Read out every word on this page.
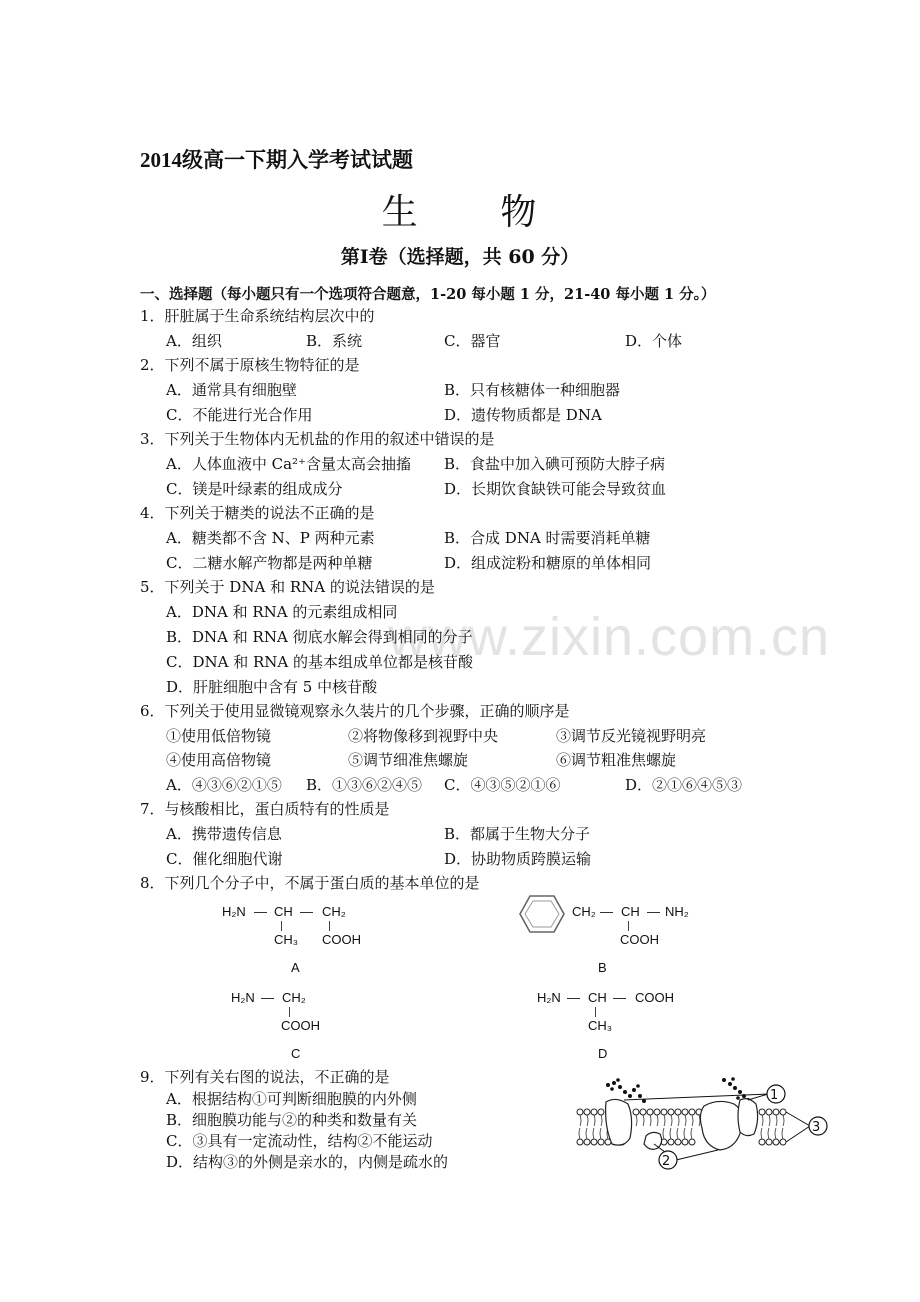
2014级高一下期入学考试试题
生      物
第Ⅰ卷（选择题，共 60 分）
一、选择题（每小题只有一个选项符合题意，1-20 每小题 1 分，21-40 每小题 1 分。）
www.zixin.com.cn
1．肝脏属于生命系统结构层次中的
A．组织	B．系统	C．器官	D．个体
2．下列不属于原核生物特征的是
A．通常具有细胞壁	B．只有核糖体一种细胞器
C．不能进行光合作用	D．遗传物质都是 DNA
3．下列关于生物体内无机盐的作用的叙述中错误的是
A．人体血液中 Ca²⁺含量太高会抽搐 B．食盐中加入碘可预防大脖子病
C．镁是叶绿素的组成成分	D．长期饮食缺铁可能会导致贫血
4．下列关于糖类的说法不正确的是
A．糖类都不含 N、P 两种元素	B．合成 DNA 时需要消耗单糖
C．二糖水解产物都是两种单糖	D．组成淀粉和糖原的单体相同
5．下列关于 DNA 和 RNA 的说法错误的是
A．DNA 和 RNA 的元素组成相同
B．DNA 和 RNA 彻底水解会得到相同的分子
C．DNA 和 RNA 的基本组成单位都是核苷酸
D．肝脏细胞中含有 5 中核苷酸
6．下列关于使用显微镜观察永久装片的几个步骤，正确的顺序是
①使用低倍物镜	②将物像移到视野中央	③调节反光镜视野明亮
④使用高倍物镜	⑤调节细准焦螺旋	⑥调节粗准焦螺旋
A．④③⑥②①⑤ B．①③⑥②④⑤ C．④③⑤②①⑥	D．②①⑥④⑤③
7．与核酸相比，蛋白质特有的性质是
A．携带遗传信息	B．都属于生物大分子
C．催化细胞代谢	D．协助物质跨膜运输
8．下列几个分子中，不属于蛋白质的基本单位的是
H₂N — CH — CH₂
CH₃ COOH
A
CH₂ — CH — NH₂
COOH
B
H₂N — CH₂
COOH
C
H₂N — CH — COOH
CH₃
D
9．下列有关右图的说法，不正确的是
A．根据结构①可判断细胞膜的内外侧
B．细胞膜功能与②的种类和数量有关
C．③具有一定流动性，结构②不能运动
D．结构③的外侧是亲水的，内侧是疏水的
1
2
3
